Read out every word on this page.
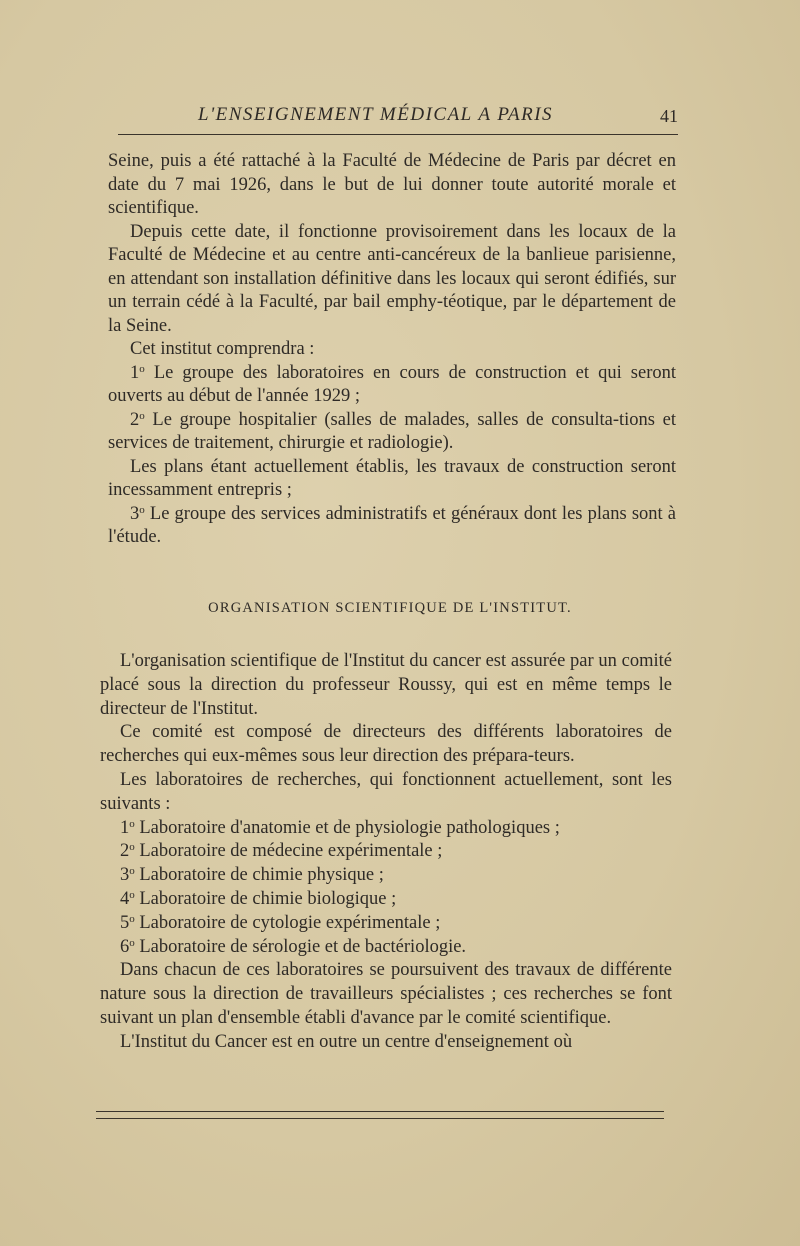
L'ENSEIGNEMENT MÉDICAL A PARIS	41

Seine, puis a été rattaché à la Faculté de Médecine de Paris par décret en date du 7 mai 1926, dans le but de lui donner toute autorité morale et scientifique.

Depuis cette date, il fonctionne provisoirement dans les locaux de la Faculté de Médecine et au centre anti-cancéreux de la banlieue parisienne, en attendant son installation définitive dans les locaux qui seront édifiés, sur un terrain cédé à la Faculté, par bail emphy-téotique, par le département de la Seine.

Cet institut comprendra :

1$^o$ Le groupe des laboratoires en cours de construction et qui seront ouverts au début de l'année 1929 ;

2$^o$ Le groupe hospitalier (salles de malades, salles de consulta-tions et services de traitement, chirurgie et radiologie).

Les plans étant actuellement établis, les travaux de construction seront incessamment entrepris ;

3$^o$ Le groupe des services administratifs et généraux dont les plans sont à l'étude.

ORGANISATION SCIENTIFIQUE DE L'INSTITUT.

L'organisation scientifique de l'Institut du cancer est assurée par un comité placé sous la direction du professeur Roussy, qui est en même temps le directeur de l'Institut.

Ce comité est composé de directeurs des différents laboratoires de recherches qui eux-mêmes sous leur direction des prépara-teurs.

Les laboratoires de recherches, qui fonctionnent actuellement, sont les suivants :

1$^o$ Laboratoire d'anatomie et de physiologie pathologiques ;

2$^o$ Laboratoire de médecine expérimentale ;

3$^o$ Laboratoire de chimie physique ;

4$^o$ Laboratoire de chimie biologique ;

5$^o$ Laboratoire de cytologie expérimentale ;

6$^o$ Laboratoire de sérologie et de bactériologie.

Dans chacun de ces laboratoires se poursuivent des travaux de différente nature sous la direction de travailleurs spécialistes ; ces recherches se font suivant un plan d'ensemble établi d'avance par le comité scientifique.

L'Institut du Cancer est en outre un centre d'enseignement où
